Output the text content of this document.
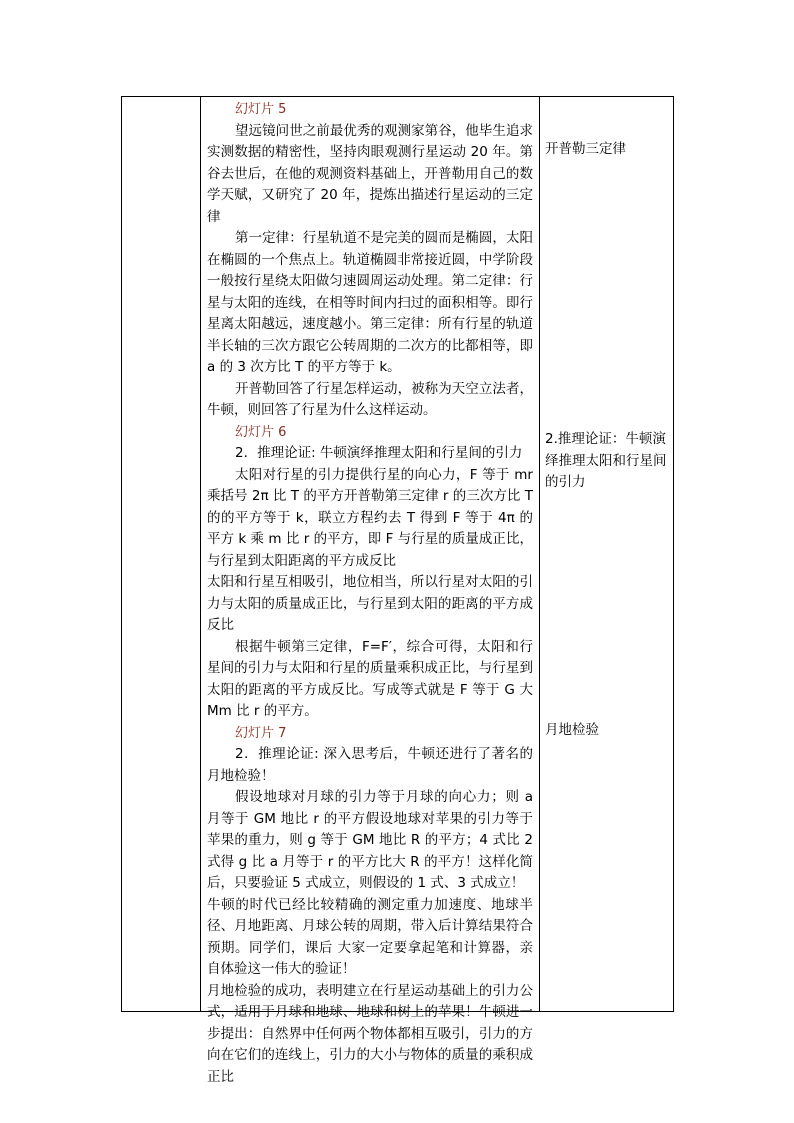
幻灯片 5

望远镜问世之前最优秀的观测家第谷，他毕生追求实测数据的精密性，坚持肉眼观测行星运动 20 年。第谷去世后，在他的观测资料基础上，开普勒用自己的数学天赋，又研究了 20 年，提炼出描述行星运动的三定律

第一定律：行星轨道不是完美的圆而是椭圆，太阳在椭圆的一个焦点上。轨道椭圆非常接近圆，中学阶段一般按行星绕太阳做匀速圆周运动处理。第二定律：行星与太阳的连线，在相等时间内扫过的面积相等。即行星离太阳越远，速度越小。第三定律：所有行星的轨道半长轴的三次方跟它公转周期的二次方的比都相等，即 a 的 3 次方比 T 的平方等于 k。

开普勒回答了行星怎样运动，被称为天空立法者，牛顿，则回答了行星为什么这样运动。

幻灯片 6

2．推理论证: 牛顿演绎推理太阳和行星间的引力

太阳对行星的引力提供行星的向心力，F 等于 mr 乘括号 2π 比 T 的平方开普勒第三定律 r 的三次方比 T 的的平方等于 k，联立方程约去 T 得到 F 等于 4π 的平方 k 乘 m 比 r 的平方，即 F 与行星的质量成正比，与行星到太阳距离的平方成反比

太阳和行星互相吸引，地位相当，所以行星对太阳的引力与太阳的质量成正比，与行星到太阳的距离的平方成反比

根据牛顿第三定律，F=F′，综合可得，太阳和行星间的引力与太阳和行星的质量乘积成正比，与行星到太阳的距离的平方成反比。写成等式就是 F 等于 G 大 Mm 比 r 的平方。

幻灯片 7

2．推理论证: 深入思考后，牛顿还进行了著名的月地检验！

假设地球对月球的引力等于月球的向心力；则 a 月等于 GM 地比 r 的平方假设地球对苹果的引力等于苹果的重力，则 g 等于 GM 地比 R 的平方；4 式比 2 式得 g 比 a 月等于 r 的平方比大 R 的平方！这样化简后，只要验证 5 式成立，则假设的 1 式、3 式成立！

牛顿的时代已经比较精确的测定重力加速度、地球半径、月地距离、月球公转的周期，带入后计算结果符合预期。同学们，课后 大家一定要拿起笔和计算器，亲自体验这一伟大的验证！

月地检验的成功，表明建立在行星运动基础上的引力公式，适用于月球和地球、地球和树上的苹果！牛顿进一步提出：自然界中任何两个物体都相互吸引，引力的方向在它们的连线上，引力的大小与物体的质量的乘积成正比

开普勒三定律

2.推理论证：牛顿演绎推理太阳和行星间的引力

月地检验
